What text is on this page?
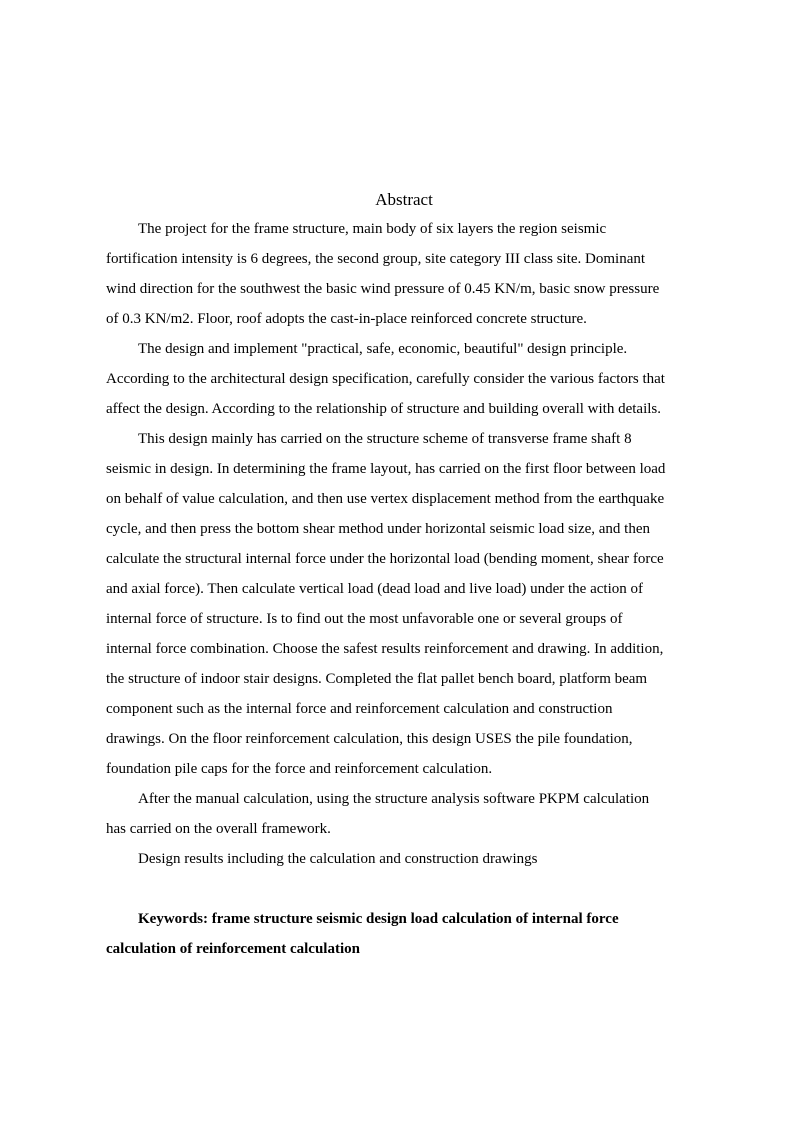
Abstract
The project for the frame structure, main body of six layers the region seismic
fortification intensity is 6 degrees, the second group, site category III class site. Dominant
wind direction for the southwest the basic wind pressure of 0.45 KN/m, basic snow pressure
of 0.3 KN/m2. Floor, roof adopts the cast-in-place reinforced concrete structure.
The design and implement "practical, safe, economic, beautiful" design principle.
According to the architectural design specification, carefully consider the various factors that
affect the design. According to the relationship of structure and building overall with details.
This design mainly has carried on the structure scheme of transverse frame shaft 8
seismic in design. In determining the frame layout, has carried on the first floor between load
on behalf of value calculation, and then use vertex displacement method from the earthquake
cycle, and then press the bottom shear method under horizontal seismic load size, and then
calculate the structural internal force under the horizontal load (bending moment, shear force
and axial force). Then calculate vertical load (dead load and live load) under the action of
internal force of structure. Is to find out the most unfavorable one or several groups of
internal force combination. Choose the safest results reinforcement and drawing. In addition,
the structure of indoor stair designs. Completed the flat pallet bench board, platform beam
component such as the internal force and reinforcement calculation and construction
drawings. On the floor reinforcement calculation, this design USES the pile foundation,
foundation pile caps for the force and reinforcement calculation.
After the manual calculation, using the structure analysis software PKPM calculation
has carried on the overall framework.
Design results including the calculation and construction drawings
Keywords: frame structure seismic design load calculation of internal force
calculation of reinforcement calculation
